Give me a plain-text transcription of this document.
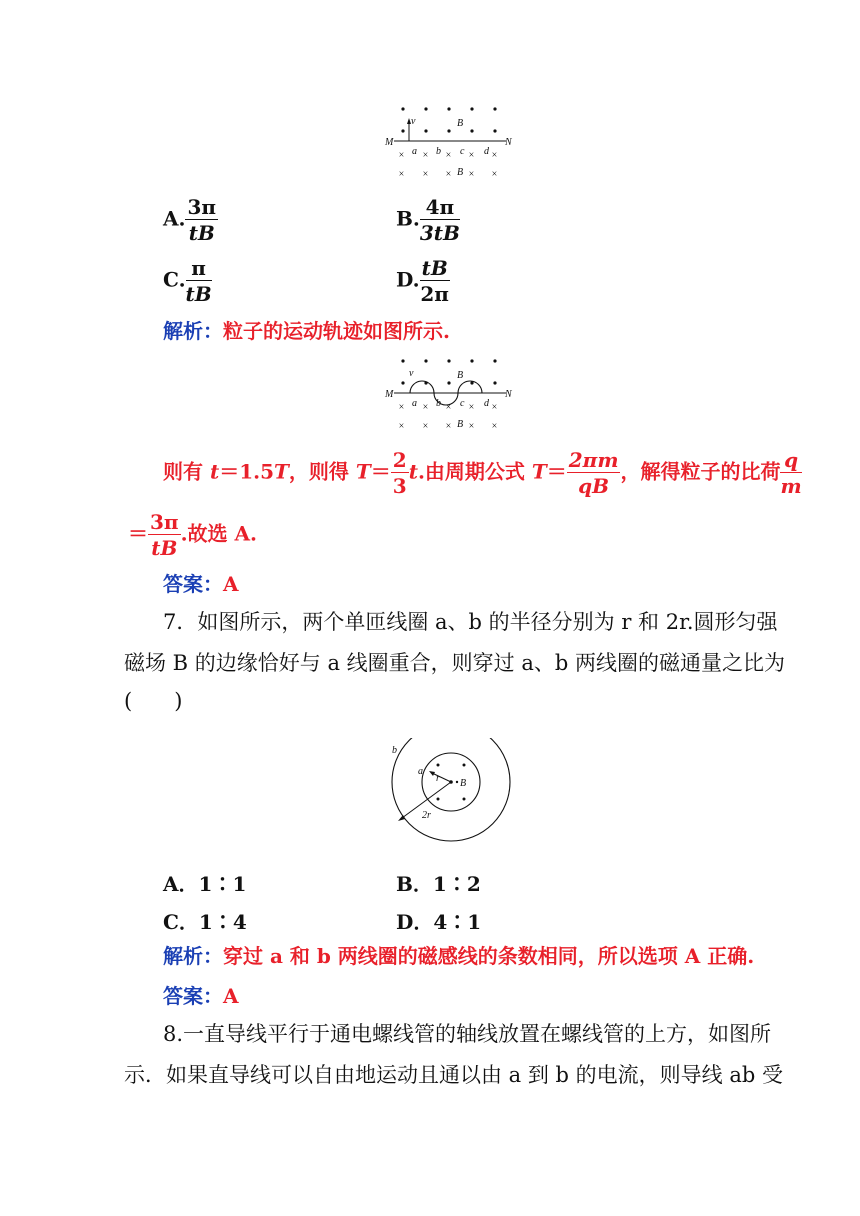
v	B
M	N
a b c d
B
× × × × ×
× × × × ×
A. $\frac{3\pi}{tB}$	B. $\frac{4\pi}{3tB}$
C. $\frac{\pi}{tB}$	D. $\frac{tB}{2\pi}$
解析：粒子的运动轨迹如图所示.
v	B
M	N
a b c d
B
× × × × ×
× × × × ×
则有 t＝1.5T，则得 $T= \frac{2}{3} t$.由周期公式 $T= \frac{2\pi m}{qB}$ ，解得粒子的比荷 $\frac{q}{m}$
＝ $\frac{3\pi}{tB}$ .故选 A.
答案：A
7．如图所示，两个单匝线圈 a、b 的半径分别为 r 和 2r.圆形匀强
磁场 B 的边缘恰好与 a 线圈重合，则穿过 a、b 两线圈的磁通量之比为
(　　)
b
a
r B
2r
A．1∶1	B．1∶2
C．1∶4	D．4∶1
解析：穿过 a 和 b 两线圈的磁感线的条数相同，所以选项 A 正确.
答案：A
8.一直导线平行于通电螺线管的轴线放置在螺线管的上方，如图所
示．如果直导线可以自由地运动且通以由 a 到 b 的电流，则导线 ab 受
